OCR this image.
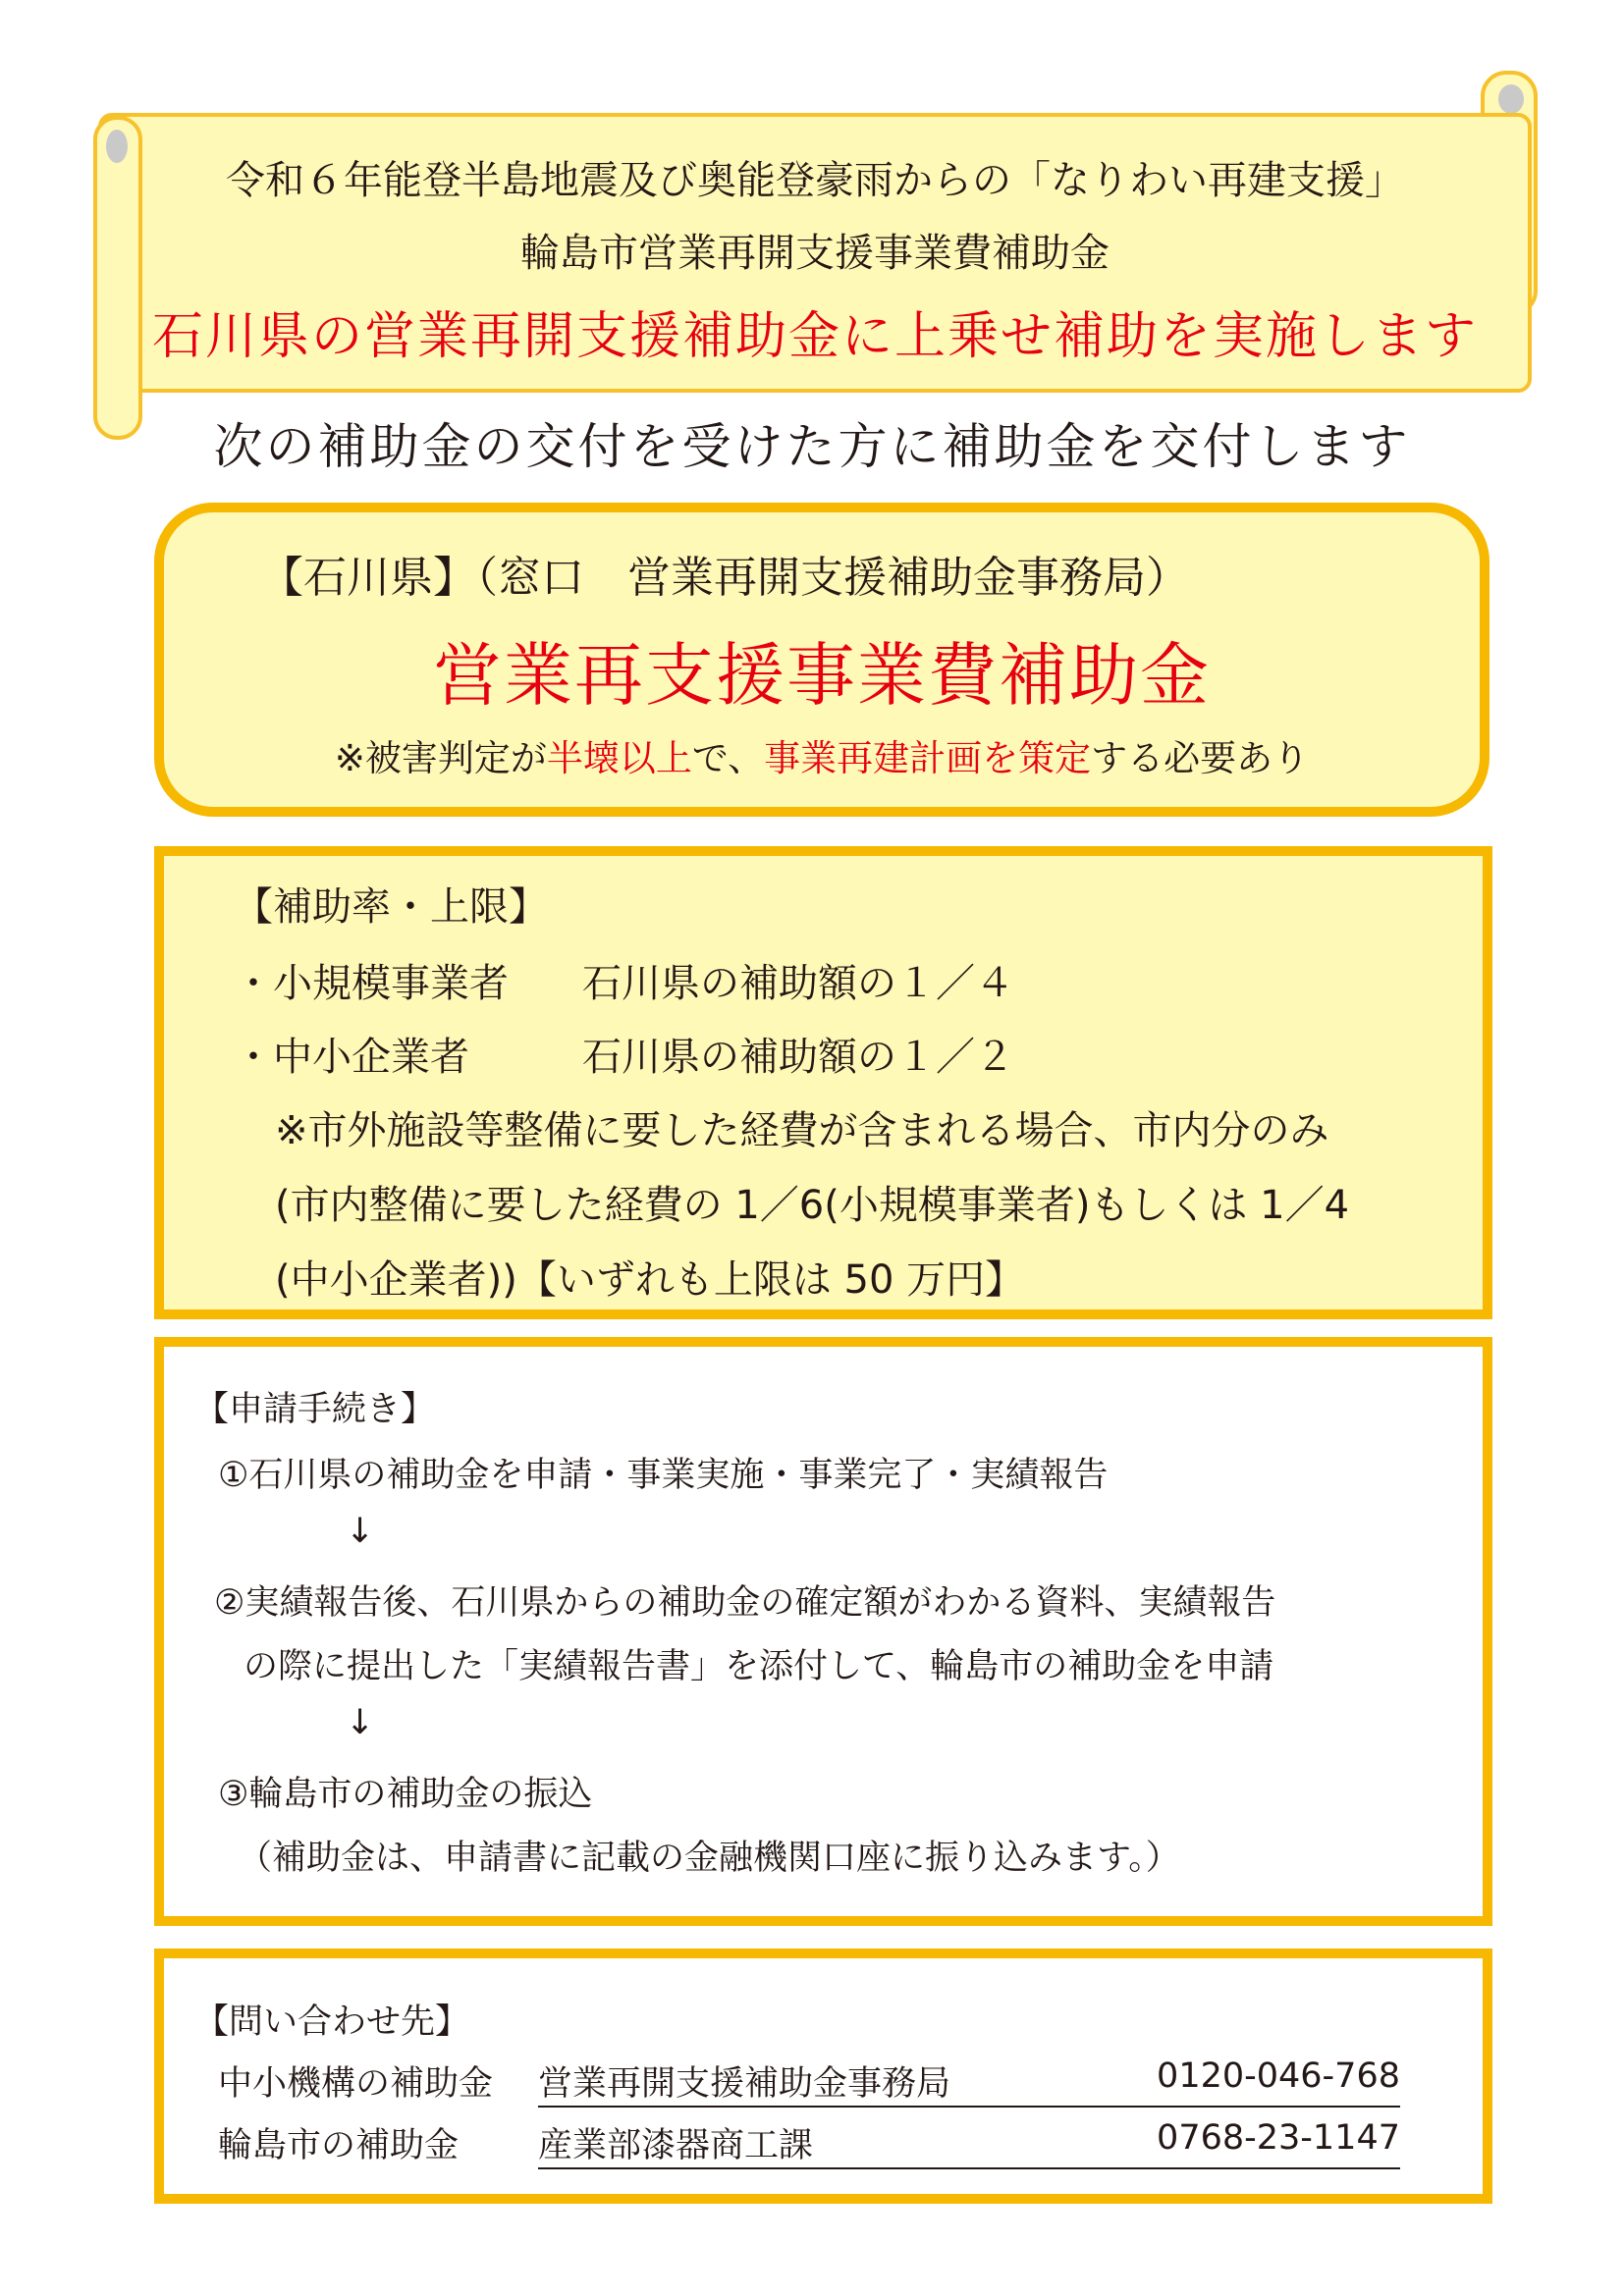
令和６年能登半島地震及び奥能登豪雨からの「なりわい再建支援」
輪島市営業再開支援事業費補助金
石川県の営業再開支援補助金に上乗せ補助を実施します
次の補助金の交付を受けた方に補助金を交付します
【石川県】（窓口　営業再開支援補助金事務局）
営業再支援事業費補助金
※被害判定が半壊以上で、事業再建計画を策定する必要あり
【補助率・上限】
・小規模事業者 石川県の補助額の１／４
・中小企業者	石川県の補助額の１／２
※市外施設等整備に要した経費が含まれる場合、市内分のみ
(市内整備に要した経費の 1／6(小規模事業者)もしくは 1／4
(中小企業者))【いずれも上限は 50 万円】
【申請手続き】
①石川県の補助金を申請・事業実施・事業完了・実績報告
↓
②実績報告後、石川県からの補助金の確定額がわかる資料、実績報告
の際に提出した「実績報告書」を添付して、輪島市の補助金を申請
↓
③輪島市の補助金の振込
（補助金は、申請書に記載の金融機関口座に振り込みます。）
【問い合わせ先】
中小機構の補助金 営業再開支援補助金事務局	0120-046-768
輪島市の補助金 産業部漆器商工課	0768-23-1147
